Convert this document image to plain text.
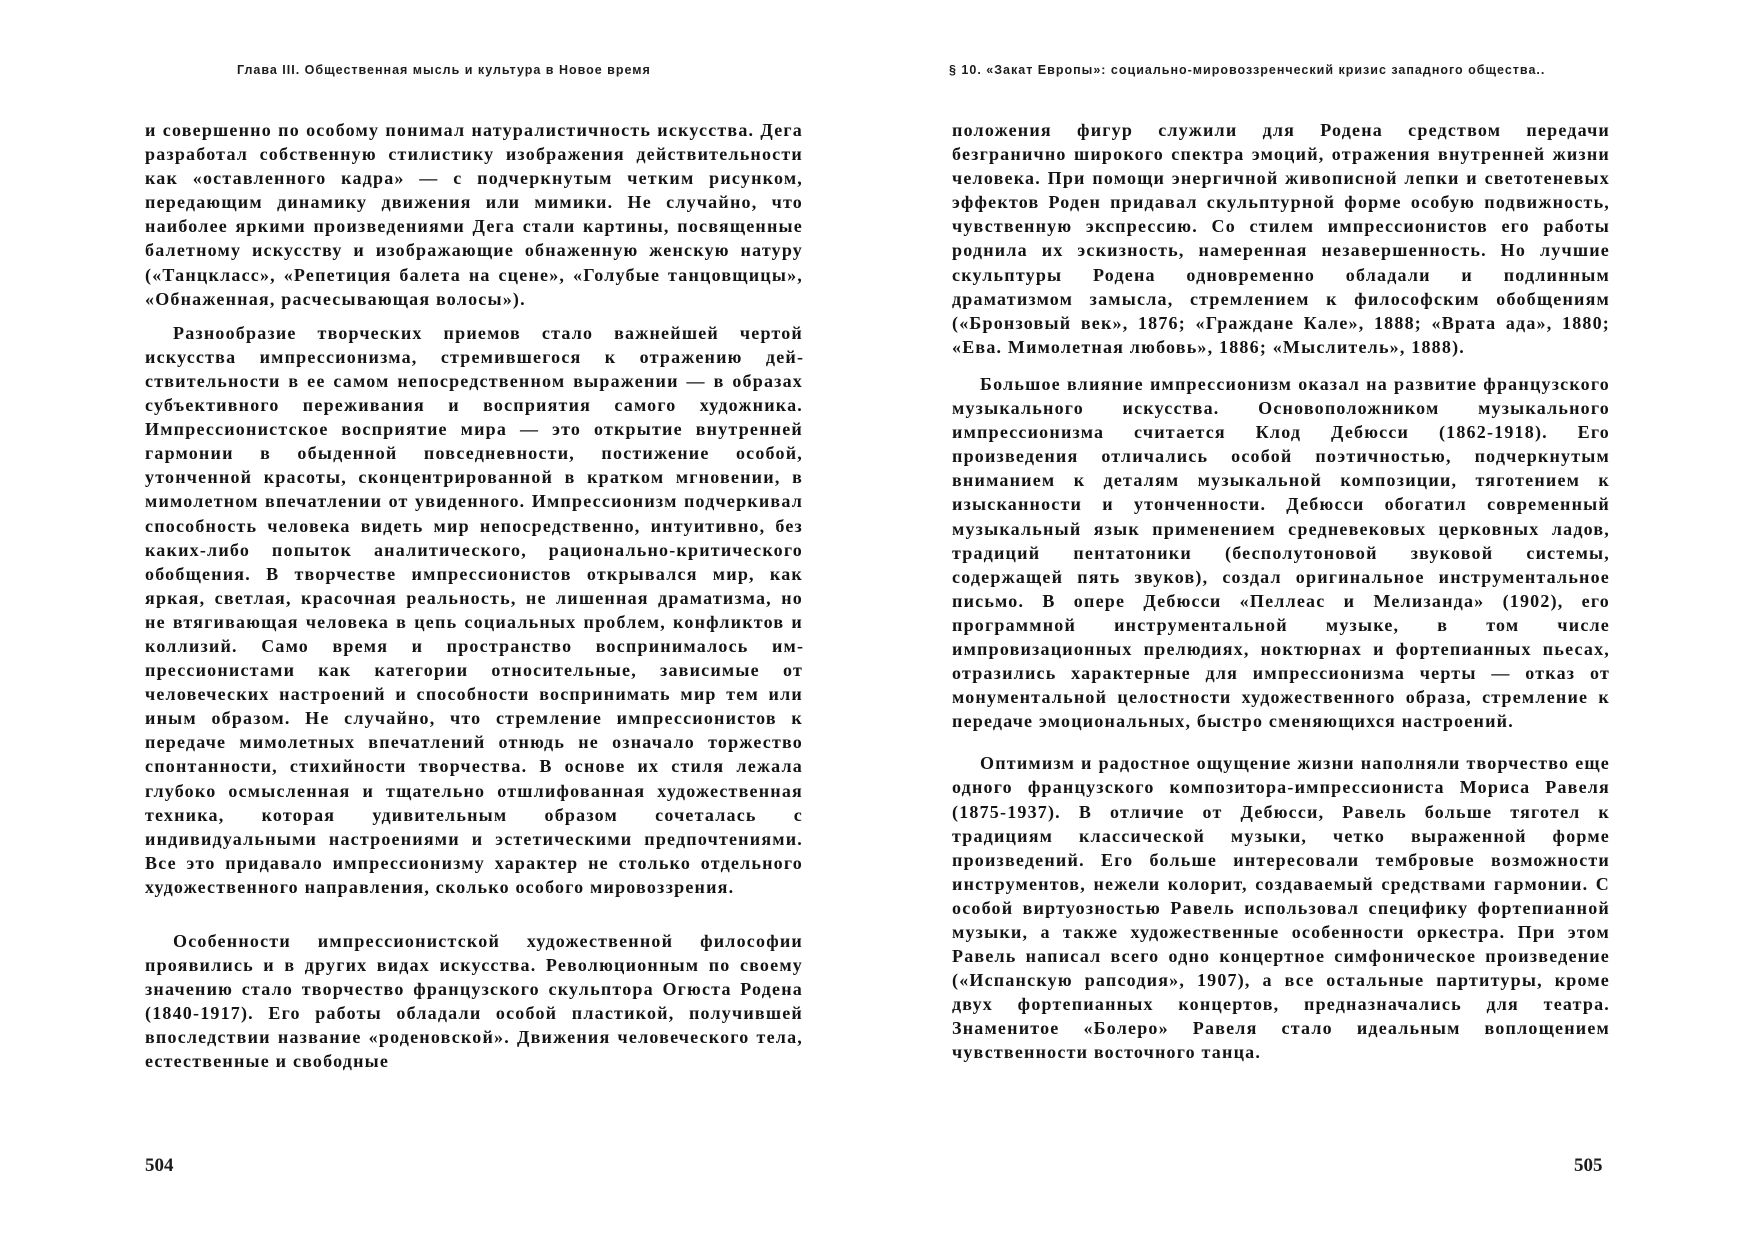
Глава III. Общественная мысль и культура в Новое время

и совершенно по особому понимал натуралистичность искусства. Дега разработал собственную стилистику изображения действительности как «оставленного кадра» — с подчеркнутым четким рисунком, передающим динамику движения или мимики. Не случайно, что наиболее яркими произведениями Дега стали картины, посвященные балетному искусству и изображающие обнаженную женскую натуру («Танцкласс», «Репетиция балета на сцене», «Голубые танцовщицы», «Обнаженная, расчесывающая волосы»).

Разнообразие творческих приемов стало важнейшей чертой искусства импрессионизма, стремившегося к отражению действительности в ее самом непосредственном выражении — в образах субъективного переживания и восприятия самого художника. Импрессионистское восприятие мира — это открытие внутренней гармонии в обыденной повседневности, постижение особой, утонченной красоты, сконцентрированной в кратком мгновении, в мимолетном впечатлении от увиденного. Импрессионизм подчеркивал способность человека видеть мир непосредственно, интуитивно, без каких-либо попыток аналитического, рационально-критического обобщения. В творчестве импрессионистов открывался мир, как яркая, светлая, красочная реальность, не лишенная драматизма, но не втягивающая человека в цепь социальных проблем, конфликтов и коллизий. Само время и пространство воспринималось импрессионистами как категории относительные, зависимые от человеческих настроений и способности воспринимать мир тем или иным образом. Не случайно, что стремление импрессионистов к передаче мимолетных впечатлений отнюдь не означало торжество спонтанности, стихийности творчества. В основе их стиля лежала глубоко осмысленная и тщательно отшлифованная художественная техника, которая удивительным образом сочеталась с индивидуальными настроениями и эстетическими предпочтениями. Все это придавало импрессионизму характер не столько отдельного художественного направления, сколько особого мировоззрения.

Особенности импрессионистской художественной философии проявились и в других видах искусства. Революционным по своему значению стало творчество французского скульптора Огюста Родена (1840-1917). Его работы обладали особой пластикой, получившей впоследствии название «роденовской». Движения человеческого тела, естественные и свободные

504
§ 10. «Закат Европы»: социально-мировоззренческий кризис западного общества..

положения фигур служили для Родена средством передачи безгранично широкого спектра эмоций, отражения внутренней жизни человека. При помощи энергичной живописной лепки и светотеневых эффектов Роден придавал скульптурной форме особую подвижность, чувственную экспрессию. Со стилем импрессионистов его работы роднила их эскизность, намеренная незавершенность. Но лучшие скульптуры Родена одновременно обладали и подлинным драматизмом замысла, стремлением к философским обобщениям («Бронзовый век», 1876; «Граждане Кале», 1888; «Врата ада», 1880; «Ева. Мимолетная любовь», 1886; «Мыслитель», 1888).

Большое влияние импрессионизм оказал на развитие французского музыкального искусства. Основоположником музыкального импрессионизма считается Клод Дебюсси (1862-1918). Его произведения отличались особой поэтичностью, подчеркнутым вниманием к деталям музыкальной композиции, тяготением к изысканности и утонченности. Дебюсси обогатил современный музыкальный язык применением средневековых церковных ладов, традиций пентатоники (бесполутоновой звуковой системы, содержащей пять звуков), создал оригинальное инструментальное письмо. В опере Дебюсси «Пеллеас и Мелизанда» (1902), его программной инструментальной музыке, в том числе импровизационных прелюдиях, ноктюрнах и фортепианных пьесах, отразились характерные для импрессионизма черты — отказ от монументальной целостности художественного образа, стремление к передаче эмоциональных, быстро сменяющихся настроений.

Оптимизм и радостное ощущение жизни наполняли творчество еще одного французского композитора-импрессиониста Мориса Равеля (1875-1937). В отличие от Дебюсси, Равель больше тяготел к традициям классической музыки, четко выраженной форме произведений. Его больше интересовали тембровые возможности инструментов, нежели колорит, создаваемый средствами гармонии. С особой виртуозностью Равель использовал специфику фортепианной музыки, а также художественные особенности оркестра. При этом Равель написал всего одно концертное симфоническое произведение («Испанскую рапсодия», 1907), а все остальные партитуры, кроме двух фортепианных концертов, предназначались для театра. Знаменитое «Болеро» Равеля стало идеальным воплощением чувственности восточного танца.

505
